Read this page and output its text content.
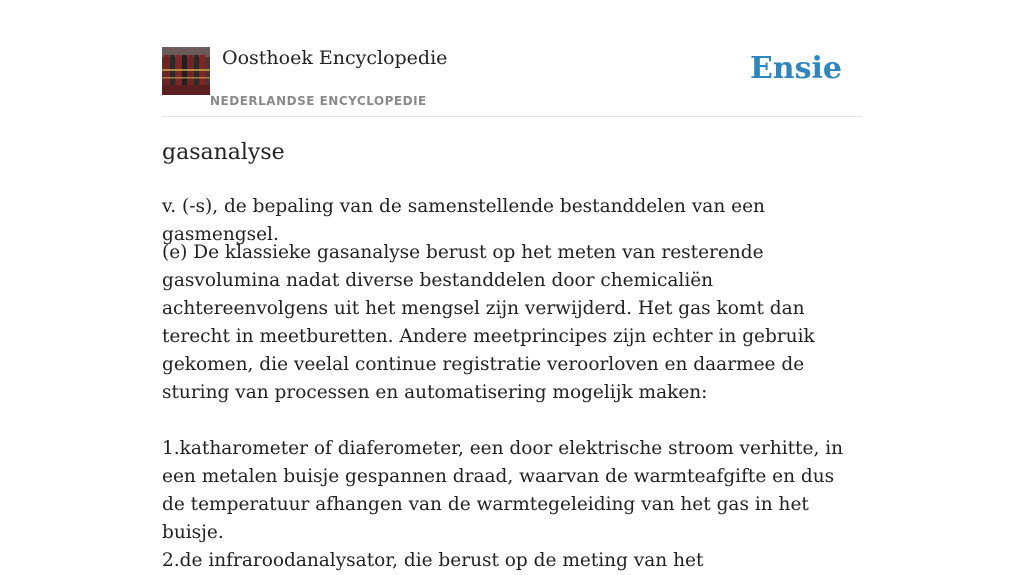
Oosthoek Encyclopedie
NEDERLANDSE ENCYCLOPEDIE
Ensie
gasanalyse
v. (-s), de bepaling van de samenstellende bestanddelen van een gasmengsel.

(e) De klassieke gasanalyse berust op het meten van resterende gasvolumina nadat diverse bestanddelen door chemicaliën achtereenvolgens uit het mengsel zijn verwijderd. Het gas komt dan terecht in meetburetten. Andere meetprincipes zijn echter in gebruik gekomen, die veelal continue registratie veroorloven en daarmee de sturing van processen en automatisering mogelijk maken:

1.katharometer of diaferometer, een door elektrische stroom verhitte, in een metalen buisje gespannen draad, waarvan de warmteafgifte en dus de temperatuur afhangen van de warmtegeleiding van het gas in het buisje.
2.de infraroodanalysator, die berust op de meting van het
